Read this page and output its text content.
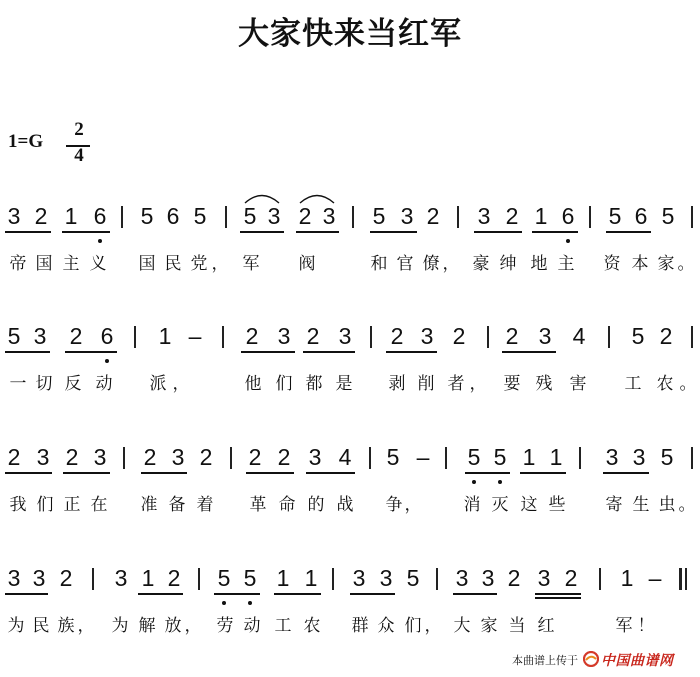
大家快来当红军
1=G
2
4
3 2 1 6 5 6 5 5 3 2 3 5 3 2 3 2 1 6 5 6 5
帝 国 主 义 国 民 党 ， 军 阀	和 官 僚 ， 豪 绅 地 主 资 本 家 。
5 3 2 6 1 – 2 3 2 3 2 3 2 2 3 4 5 2
一 切 反 动 派 ，	他 们 都 是 剥 削 者 ， 要 残 害 工 农 。
2 3 2 3 2 3 2 2 2 3 4 5 – 5 5 1 1 3 3 5
我 们 正 在 准 备 着 革 命 的 战 争 ， 消 灭 这 些 寄 生 虫 。
3 3 2 3 1 2 5 5 1 1 3 3 5 3 3 2 3 2 1 –
为 民 族 ， 为 解 放 ， 劳 动 工 农 群 众 们 ， 大 家 当 红	军 ！
本曲谱上传于 中国曲谱网
